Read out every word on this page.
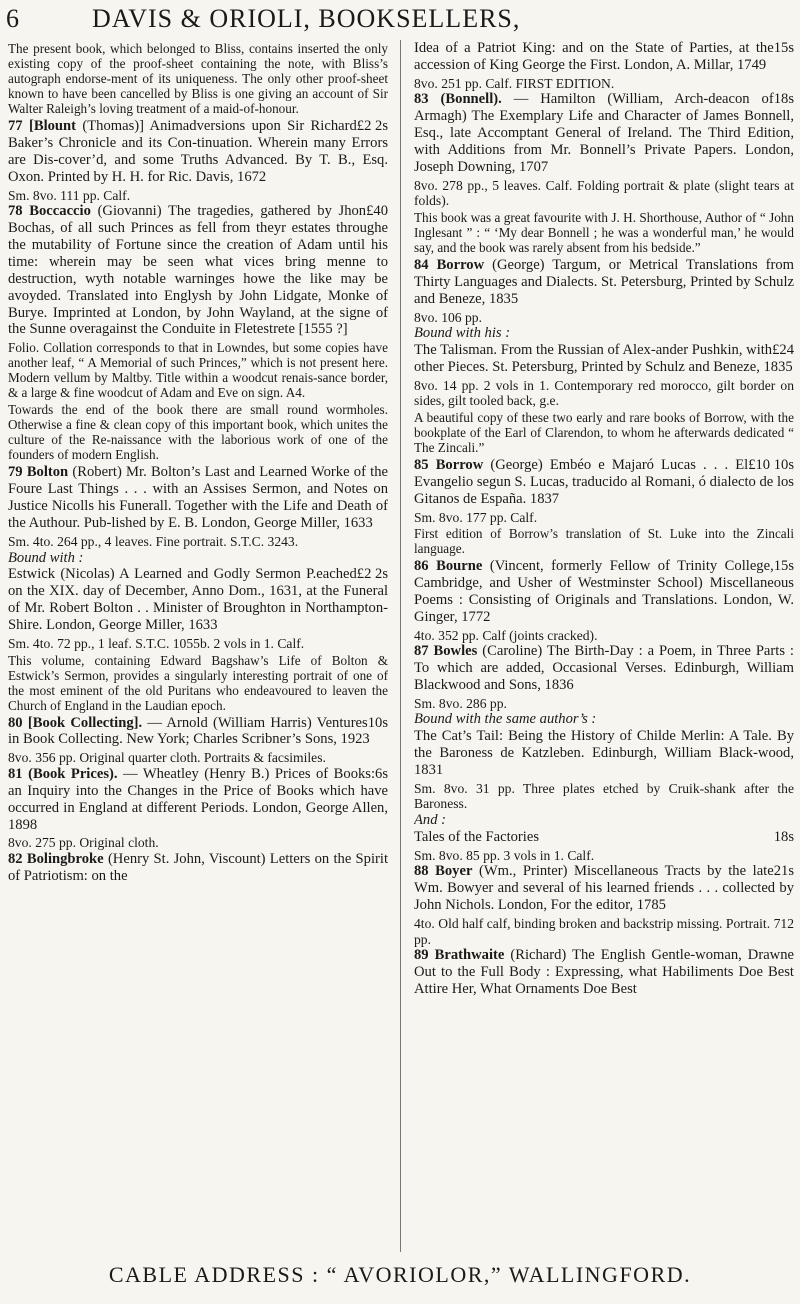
6	DAVIS & ORIOLI, BOOKSELLERS,
The present book, which belonged to Bliss, contains inserted the only existing copy of the proof-sheet containing the note, with Bliss’s autograph endorse-ment of its uniqueness. The only other proof-sheet known to have been cancelled by Bliss is one giving an account of Sir Walter Raleigh’s loving treatment of a maid-of-honour.
£2 2s
77 [Blount (Thomas)] Animadversions upon Sir Richard Baker’s Chronicle and its Con-tinuation. Wherein many Errors are Dis-cover’d, and some Truths Advanced. By T. B., Esq. Oxon. Printed by H. H. for Ric. Davis, 1672
Sm. 8vo. 111 pp. Calf.
£40
78 Boccaccio (Giovanni) The tragedies, gathered by Jhon Bochas, of all such Princes as fell from theyr estates throughe the mutability of Fortune since the creation of Adam until his time: wherein may be seen what vices bring menne to destruction, wyth notable warninges howe the like may be avoyded. Translated into Englysh by John Lidgate, Monke of Burye. Imprinted at London, by John Wayland, at the signe of the Sunne overagainst the Conduite in Fletestrete [1555 ?]
Folio. Collation corresponds to that in Lowndes, but some copies have another leaf, “ A Memorial of such Princes,” which is not present here. Modern vellum by Maltby. Title within a woodcut renais-sance border, & a large & fine woodcut of Adam and Eve on sign. A4.
Towards the end of the book there are small round wormholes. Otherwise a fine & clean copy of this important book, which unites the culture of the Re-naissance with the laborious work of one of the founders of modern English.
79 Bolton (Robert) Mr. Bolton’s Last and Learned Worke of the Foure Last Things . . . with an Assises Sermon, and Notes on Justice Nicolls his Funerall. Together with the Life and Death of the Authour. Pub-lished by E. B. London, George Miller, 1633
Sm. 4to. 264 pp., 4 leaves. Fine portrait. S.T.C. 3243.
Bound with :
£2 2s
Estwick (Nicolas) A Learned and Godly Sermon P.eached on the XIX. day of December, Anno Dom., 1631, at the Funeral of Mr. Robert Bolton . . Minister of Broughton in Northampton-Shire. London, George Miller, 1633
Sm. 4to. 72 pp., 1 leaf. S.T.C. 1055b. 2 vols in 1. Calf.
This volume, containing Edward Bagshaw’s Life of Bolton & Estwick’s Sermon, provides a singularly interesting portrait of one of the most eminent of the old Puritans who endeavoured to leaven the Church of England in the Laudian epoch.
10s
80 [Book Collecting]. — Arnold (William Harris) Ventures in Book Collecting. New York; Charles Scribner’s Sons, 1923
8vo. 356 pp. Original quarter cloth. Portraits & facsimiles.
6s
81 (Book Prices). — Wheatley (Henry B.) Prices of Books: an Inquiry into the Changes in the Price of Books which have occurred in England at different Periods. London, George Allen, 1898
8vo. 275 pp. Original cloth.
82 Bolingbroke (Henry St. John, Viscount) Letters on the Spirit of Patriotism: on the
15s
Idea of a Patriot King: and on the State of Parties, at the accession of King George the First. London, A. Millar, 1749
8vo. 251 pp. Calf. FIRST EDITION.
18s
83 (Bonnell). — Hamilton (William, Arch-deacon of Armagh) The Exemplary Life and Character of James Bonnell, Esq., late Accomptant General of Ireland. The Third Edition, with Additions from Mr. Bonnell’s Private Papers. London, Joseph Downing, 1707
8vo. 278 pp., 5 leaves. Calf. Folding portrait & plate (slight tears at folds).
This book was a great favourite with J. H. Shorthouse, Author of “ John Inglesant ” : “ ‘My dear Bonnell ; he was a wonderful man,’ he would say, and the book was rarely absent from his bedside.”
84 Borrow (George) Targum, or Metrical Translations from Thirty Languages and Dialects. St. Petersburg, Printed by Schulz and Beneze, 1835
8vo. 106 pp.
Bound with his :
£24
The Talisman. From the Russian of Alex-ander Pushkin, with other Pieces. St. Petersburg, Printed by Schulz and Beneze, 1835
8vo. 14 pp. 2 vols in 1. Contemporary red morocco, gilt border on sides, gilt tooled back, g.e.
A beautiful copy of these two early and rare books of Borrow, with the bookplate of the Earl of Clarendon, to whom he afterwards dedicated “ The Zincali.”
£10 10s
85 Borrow (George) Embéo e Majaró Lucas . . . El Evangelio segun S. Lucas, traducido al Romani, ó dialecto de los Gitanos de España. 1837
Sm. 8vo. 177 pp. Calf.
First edition of Borrow’s translation of St. Luke into the Zincali language.
15s
86 Bourne (Vincent, formerly Fellow of Trinity College, Cambridge, and Usher of Westminster School) Miscellaneous Poems : Consisting of Originals and Translations. London, W. Ginger, 1772
4to. 352 pp. Calf (joints cracked).
87 Bowles (Caroline) The Birth-Day : a Poem, in Three Parts : To which are added, Occasional Verses. Edinburgh, William Blackwood and Sons, 1836
Sm. 8vo. 286 pp.
Bound with the same author’s :
The Cat’s Tail: Being the History of Childe Merlin: A Tale. By the Baroness de Katzleben. Edinburgh, William Black-wood, 1831
Sm. 8vo. 31 pp. Three plates etched by Cruik-shank after the Baroness.
And :
18s
Tales of the Factories
Sm. 8vo. 85 pp. 3 vols in 1. Calf.
21s
88 Boyer (Wm., Printer) Miscellaneous Tracts by the late Wm. Bowyer and several of his learned friends . . . collected by John Nichols. London, For the editor, 1785
4to. Old half calf, binding broken and backstrip missing. Portrait. 712 pp.
89 Brathwaite (Richard) The English Gentle-woman, Drawne Out to the Full Body : Expressing, what Habiliments Doe Best Attire Her, What Ornaments Doe Best
CABLE ADDRESS : “ AVORIOLOR,” WALLINGFORD.
